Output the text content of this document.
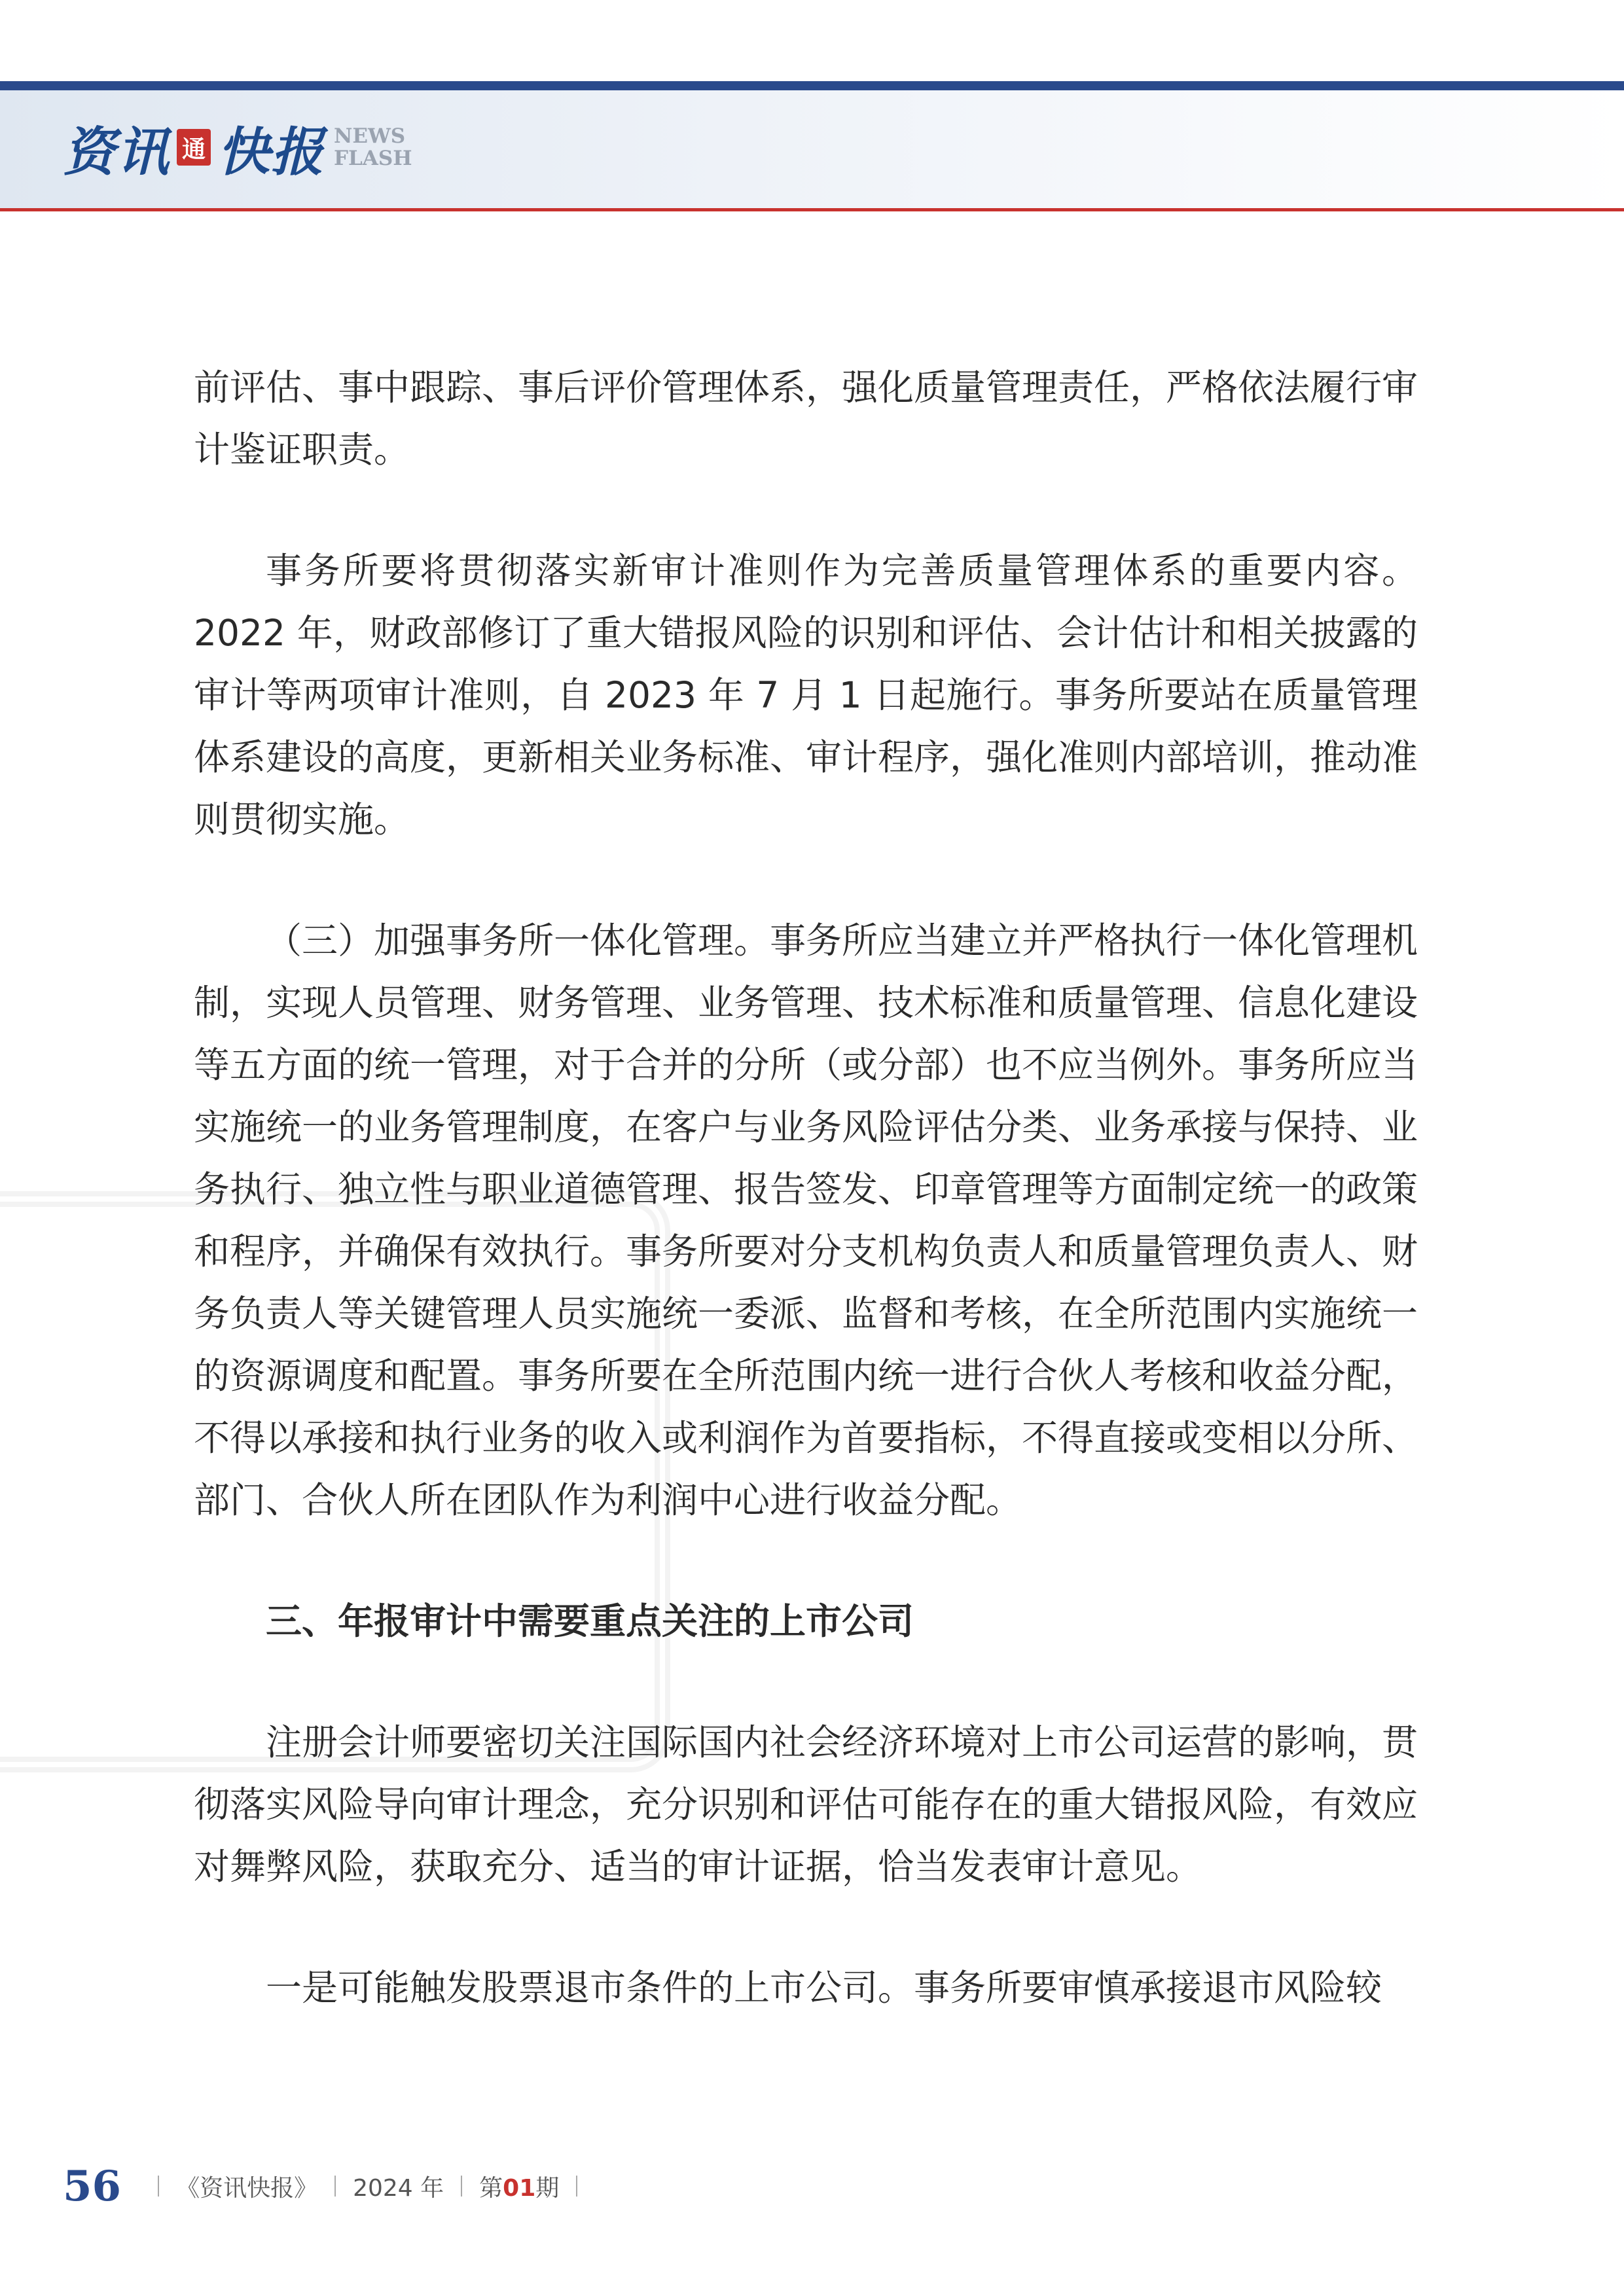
资讯 通 快报 NEWS
FLASH

前评估、事中跟踪、事后评价管理体系，强化质量管理责任，严格依法履行审计鉴证职责。

事务所要将贯彻落实新审计准则作为完善质量管理体系的重要内容。2022 年，财政部修订了重大错报风险的识别和评估、会计估计和相关披露的审计等两项审计准则，自 2023 年 7 月 1 日起施行。事务所要站在质量管理体系建设的高度，更新相关业务标准、审计程序，强化准则内部培训，推动准则贯彻实施。

（三）加强事务所一体化管理。事务所应当建立并严格执行一体化管理机制，实现人员管理、财务管理、业务管理、技术标准和质量管理、信息化建设等五方面的统一管理，对于合并的分所（或分部）也不应当例外。事务所应当实施统一的业务管理制度，在客户与业务风险评估分类、业务承接与保持、业务执行、独立性与职业道德管理、报告签发、印章管理等方面制定统一的政策和程序，并确保有效执行。事务所要对分支机构负责人和质量管理负责人、财务负责人等关键管理人员实施统一委派、监督和考核，在全所范围内实施统一的资源调度和配置。事务所要在全所范围内统一进行合伙人考核和收益分配，不得以承接和执行业务的收入或利润作为首要指标，不得直接或变相以分所、部门、合伙人所在团队作为利润中心进行收益分配。

三、年报审计中需要重点关注的上市公司

注册会计师要密切关注国际国内社会经济环境对上市公司运营的影响，贯彻落实风险导向审计理念，充分识别和评估可能存在的重大错报风险，有效应对舞弊风险，获取充分、适当的审计证据，恰当发表审计意见。

一是可能触发股票退市条件的上市公司。事务所要审慎承接退市风险较

56 《资讯快报》 2024 年 第01期
